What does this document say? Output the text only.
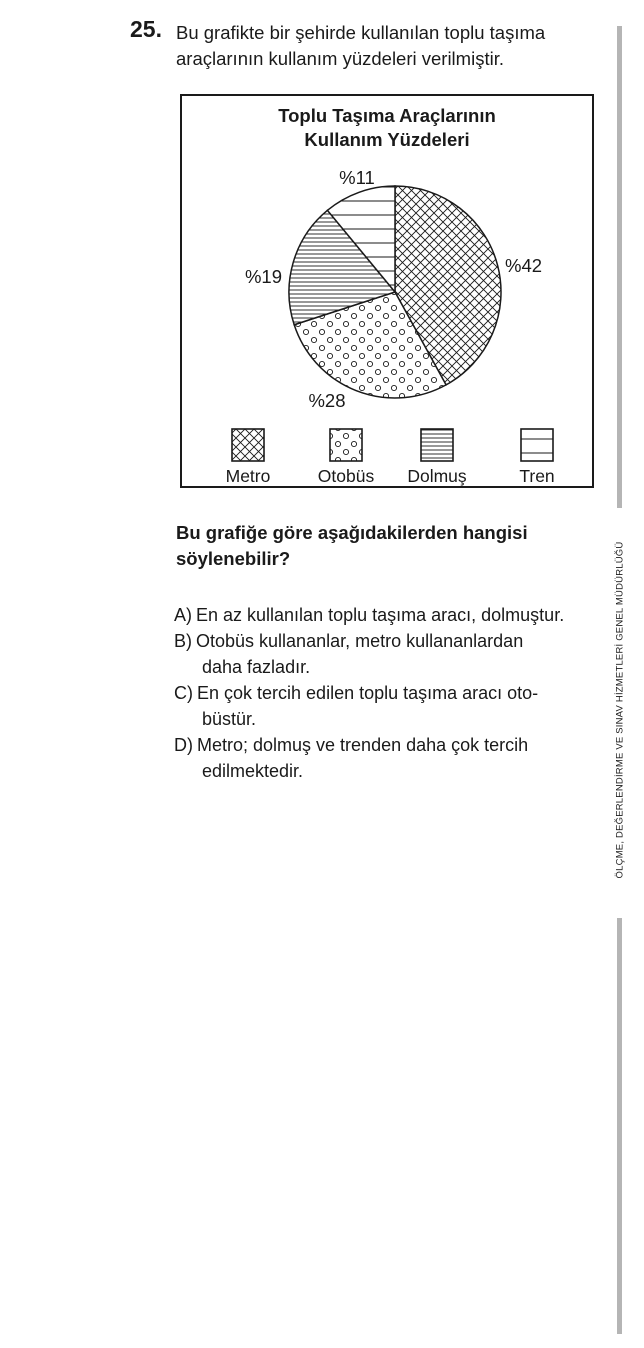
25. Bu grafikte bir şehirde kullanılan toplu taşıma
araçlarının kullanım yüzdeleri verilmiştir.
Toplu Taşıma Araçlarının
Kullanım Yüzdeleri
%42
%28
%19
%11
Metro	Otobüs Dolmuş	Tren
Bu grafiğe göre aşağıdakilerden hangisi
söylenebilir?
A) En az kullanılan toplu taşıma aracı, dolmuştur.
B) Otobüs kullananlar, metro kullananlardan
daha fazladır.
C) En çok tercih edilen toplu taşıma aracı oto-
büstür.
D) Metro; dolmuş ve trenden daha çok tercih
edilmektedir.	ÖLÇME, DEĞERLENDİRME VE SINAV HİZMETLERİ GENEL MÜDÜRLÜĞÜ
